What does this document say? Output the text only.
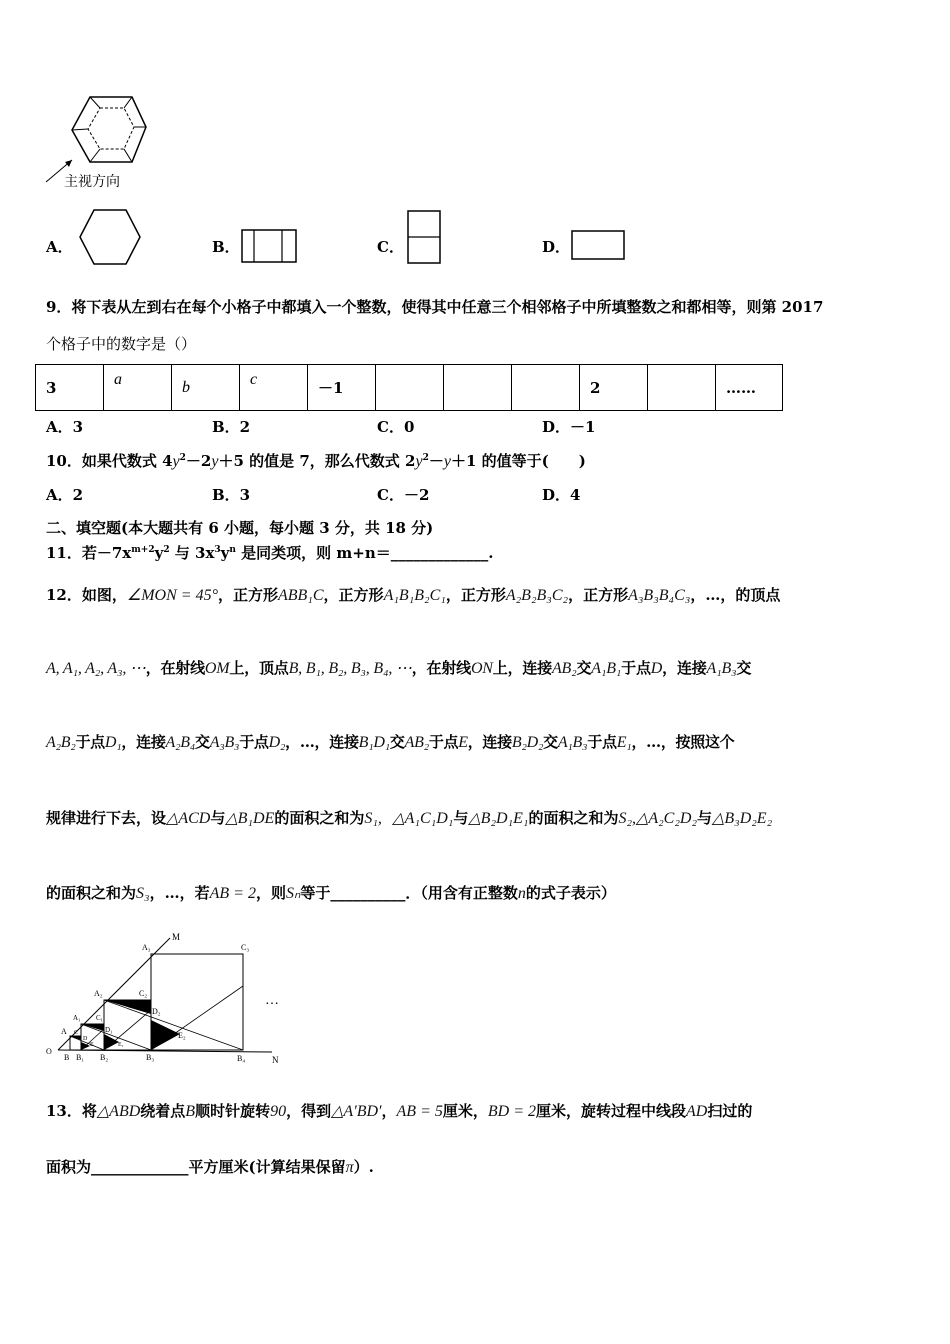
主视方向
A．	B．	C．	D．
9．将下表从左到右在每个小格子中都填入一个整数，使得其中任意三个相邻格子中所填整数之和都相等，则第 2017
个格子中的数字是（）
3	a	b	c	－1				2		……
A．3	B．2	C．0	D．－1
10．如果代数式 $4y^2-2y+5$ 的值是 7，那么代数式 $2y^2-y+1$ 的值等于(　　)
A．2	B．3	C．－2	D．4
二、填空题(本大题共有 6 小题，每小题 3 分，共 18 分)
11．若$-7x^{m+2}y^2$ 与 $3x^3y^n$ 是同类项，则 m+n＝_____________.
12．如图，∠MON = 45°，正方形ABB₁C，正方形A₁B₁B₂C₁，正方形A₂B₂B₃C₂，正方形A₃B₃B₄C₃，…，的顶点
A, A₁, A₂, A₃, ⋯，在射线OM上，顶点B, B₁, B₂, B₃, B₄, ⋯，在射线ON上，连接AB₂交A₁B₁于点D，连接A₁B₃交
A₂B₂于点D₁，连接A₂B₄交A₃B₃于点D₂，…，连接B₁D₁交AB₂于点E，连接B₂D₂交A₁B₃于点E₁，…，按照这个
规律进行下去，设△ACD与△B₁DE的面积之和为S₁, △A₁C₁D₁与△B₂D₁E₁的面积之和为S₂,△A₂C₂D₂与△B₃D₂E₂
的面积之和为S₃，…，若AB = 2，则Sₙ等于__________．（用含有正整数n的式子表示）
M
A₃	C₃
A₂	C₂
A₁ C₁
D₂
D₁
A C
D
E	E₁
E₂
O
B B₁ B₂	B₃	B₄	N
…
13．将△ABD绕着点B顺时针旋转90，得到△A′BD′，AB = 5厘米，BD = 2厘米，旋转过程中线段AD扫过的
面积为_____________平方厘米(计算结果保留π）.
